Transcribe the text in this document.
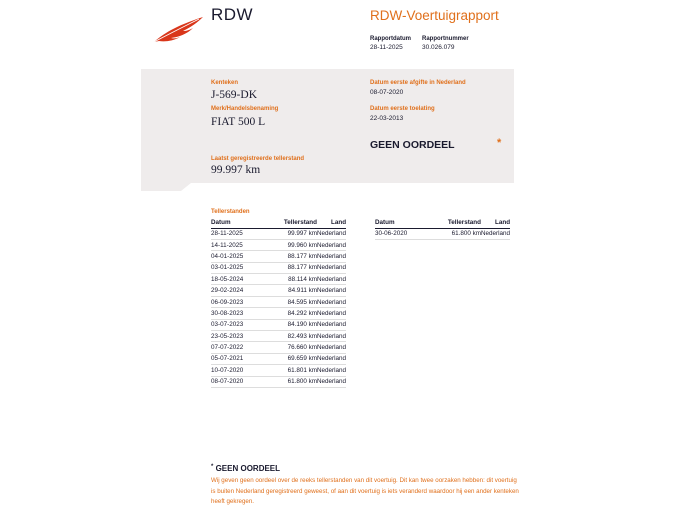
RDW	RDW-Voertuigrapport
Rapportdatum
28-11-2025
Rapportnummer
30.026.079
Kenteken
J-569-DK
Merk/Handelsbenaming
FIAT 500 L
Laatst geregistreerde tellerstand
99.997 km
Datum eerste afgifte in Nederland
08-07-2020
Datum eerste toelating
22-03-2013
GEEN OORDEEL	*
Tellerstanden
Datum	Tellerstand	Land
28-11-2025	99.997 km	Nederland
14-11-2025	99.960 km	Nederland
04-01-2025	88.177 km	Nederland
03-01-2025	88.177 km	Nederland
18-05-2024	88.114 km	Nederland
29-02-2024	84.911 km	Nederland
06-09-2023	84.595 km	Nederland
30-08-2023	84.292 km	Nederland
03-07-2023	84.190 km	Nederland
23-05-2023	82.493 km	Nederland
07-07-2022	76.660 km	Nederland
05-07-2021	69.659 km	Nederland
10-07-2020	61.801 km	Nederland
08-07-2020	61.800 km	Nederland
Datum	Tellerstand	Land
30-06-2020	61.800 km	Nederland
* GEEN OORDEEL
Wij geven geen oordeel over de reeks tellerstanden van dit voertuig. Dit kan twee oorzaken hebben: dit voertuig is buiten Nederland geregistreerd geweest, of aan dit voertuig is iets veranderd waardoor hij een ander kenteken heeft gekregen.
